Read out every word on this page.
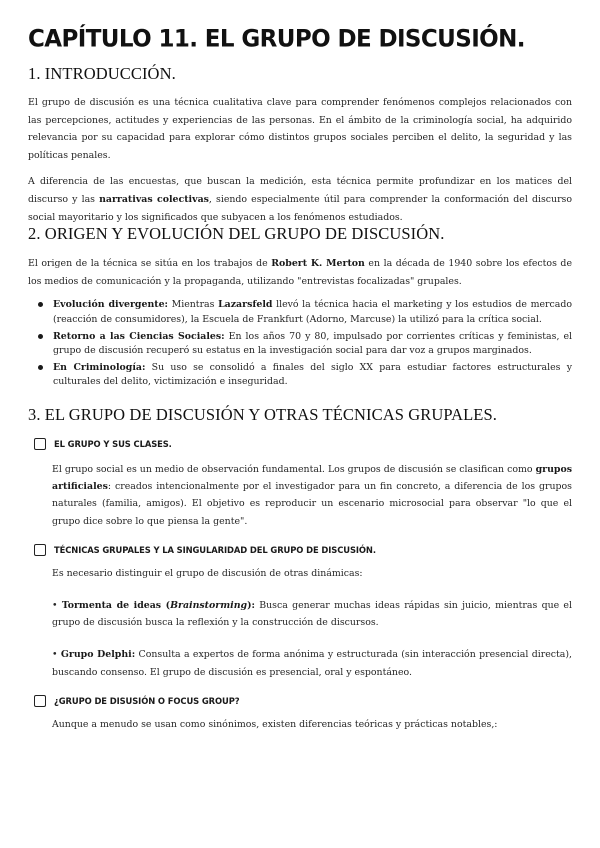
CAPÍTULO 11. EL GRUPO DE DISCUSIÓN.
1. INTRODUCCIÓN.

El grupo de discusión es una técnica cualitativa clave para comprender fenómenos complejos relacionados con las percepciones, actitudes y experiencias de las personas. En el ámbito de la criminología social, ha adquirido relevancia por su capacidad para explorar cómo distintos grupos sociales perciben el delito, la seguridad y las políticas penales.

A diferencia de las encuestas, que buscan la medición, esta técnica permite profundizar en los matices del discurso y las narrativas colectivas, siendo especialmente útil para comprender la conformación del discurso social mayoritario y los significados que subyacen a los fenómenos estudiados.

2. ORIGEN Y EVOLUCIÓN DEL GRUPO DE DISCUSIÓN.

El origen de la técnica se sitúa en los trabajos de Robert K. Merton en la década de 1940 sobre los efectos de los medios de comunicación y la propaganda, utilizando "entrevistas focalizadas" grupales.

Evolución divergente: Mientras Lazarsfeld llevó la técnica hacia el marketing y los estudios de mercado (reacción de consumidores), la Escuela de Frankfurt (Adorno, Marcuse) la utilizó para la crítica social.
Retorno a las Ciencias Sociales: En los años 70 y 80, impulsado por corrientes críticas y feministas, el grupo de discusión recuperó su estatus en la investigación social para dar voz a grupos marginados.
En Criminología: Su uso se consolidó a finales del siglo XX para estudiar factores estructurales y culturales del delito, victimización e inseguridad.
3. EL GRUPO DE DISCUSIÓN Y OTRAS TÉCNICAS GRUPALES.
EL GRUPO Y SUS CLASES.

El grupo social es un medio de observación fundamental. Los grupos de discusión se clasifican como grupos artificiales: creados intencionalmente por el investigador para un fin concreto, a diferencia de los grupos naturales (familia, amigos). El objetivo es reproducir un escenario microsocial para observar "lo que el grupo dice sobre lo que piensa la gente".

TÉCNICAS GRUPALES Y LA SINGULARIDAD DEL GRUPO DE DISCUSIÓN.

Es necesario distinguir el grupo de discusión de otras dinámicas:

• Tormenta de ideas (Brainstorming): Busca generar muchas ideas rápidas sin juicio, mientras que el grupo de discusión busca la reflexión y la construcción de discursos.

• Grupo Delphi: Consulta a expertos de forma anónima y estructurada (sin interacción presencial directa), buscando consenso. El grupo de discusión es presencial, oral y espontáneo.

¿GRUPO DE DISUSIÓN O FOCUS GROUP?

Aunque a menudo se usan como sinónimos, existen diferencias teóricas y prácticas notables,:
